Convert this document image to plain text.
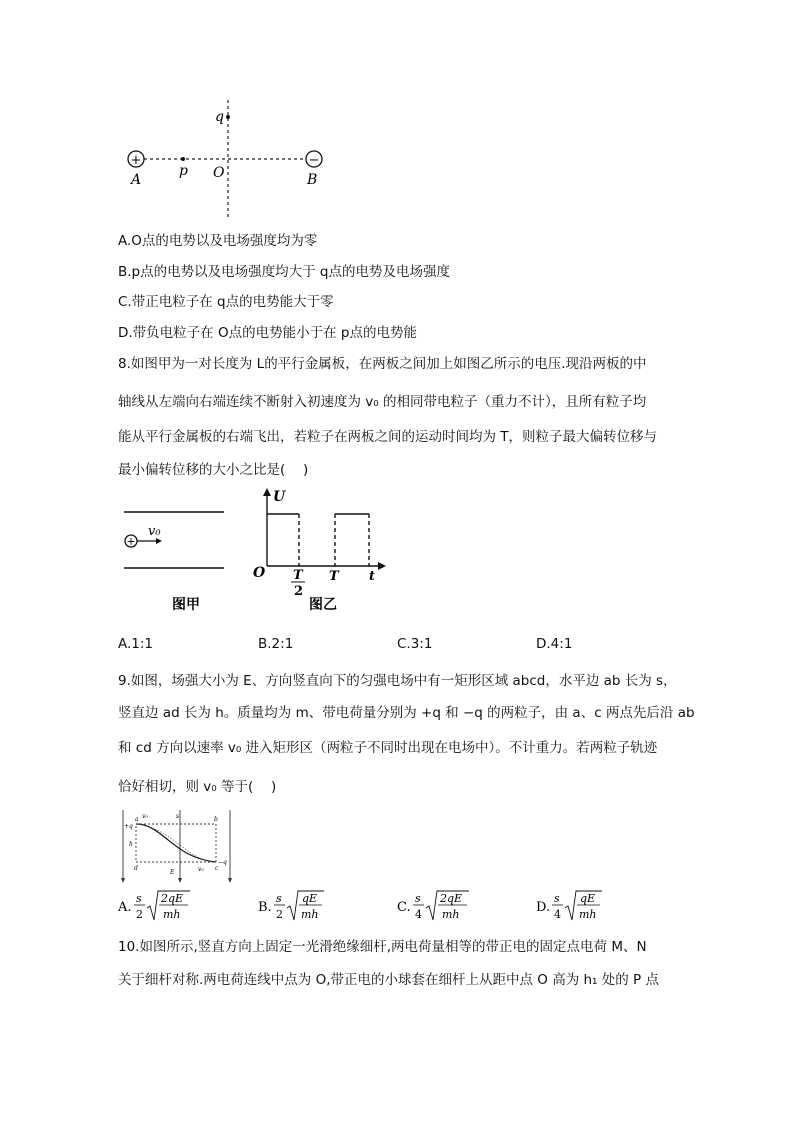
+	−
q
A
p O	B
A.O点的电势以及电场强度均为零
B.p点的电势以及电场强度均大于 q点的电势及电场强度
C.带正电粒子在 q点的电势能大于零
D.带负电粒子在 O点的电势能小于在 p点的电势能
8.如图甲为一对长度为 L的平行金属板，在两板之间加上如图乙所示的电压.现沿两板的中
轴线从左端向右端连续不断射入初速度为 v₀ 的相同带电粒子（重力不计），且所有粒子均
能从平行金属板的右端飞出，若粒子在两板之间的运动时间均为 T，则粒子最大偏转位移与
最小偏转位移的大小之比是(　 )
+
v₀
图甲
U
O T
2
T t
图乙
A.1:1	B.2:1	C.3:1	D.4:1
9.如图，场强大小为 E、方向竖直向下的匀强电场中有一矩形区域 abcd，水平边 ab 长为 s，
竖直边 ad 长为 h。质量均为 m、带电荷量分别为 +q 和 −q 的两粒子，由 a、c 两点先后沿 ab
和 cd 方向以速率 v₀ 进入矩形区（两粒子不同时出现在电场中）。不计重力。若两粒子轨迹
恰好相切，则 v₀ 等于(　 )
v₀	s
a	b
+q
h
d
E	v₀ c
−q
A.
s
2
2qE
mh	B.
s
2
qE
mh	C.
s
4
2qE
mh	D.
s
4
qE
mh
10.如图所示,竖直方向上固定一光滑绝缘细杆,两电荷量相等的带正电的固定点电荷 M、N
关于细杆对称.两电荷连线中点为 O,带正电的小球套在细杆上从距中点 O 高为 h₁ 处的 P 点
